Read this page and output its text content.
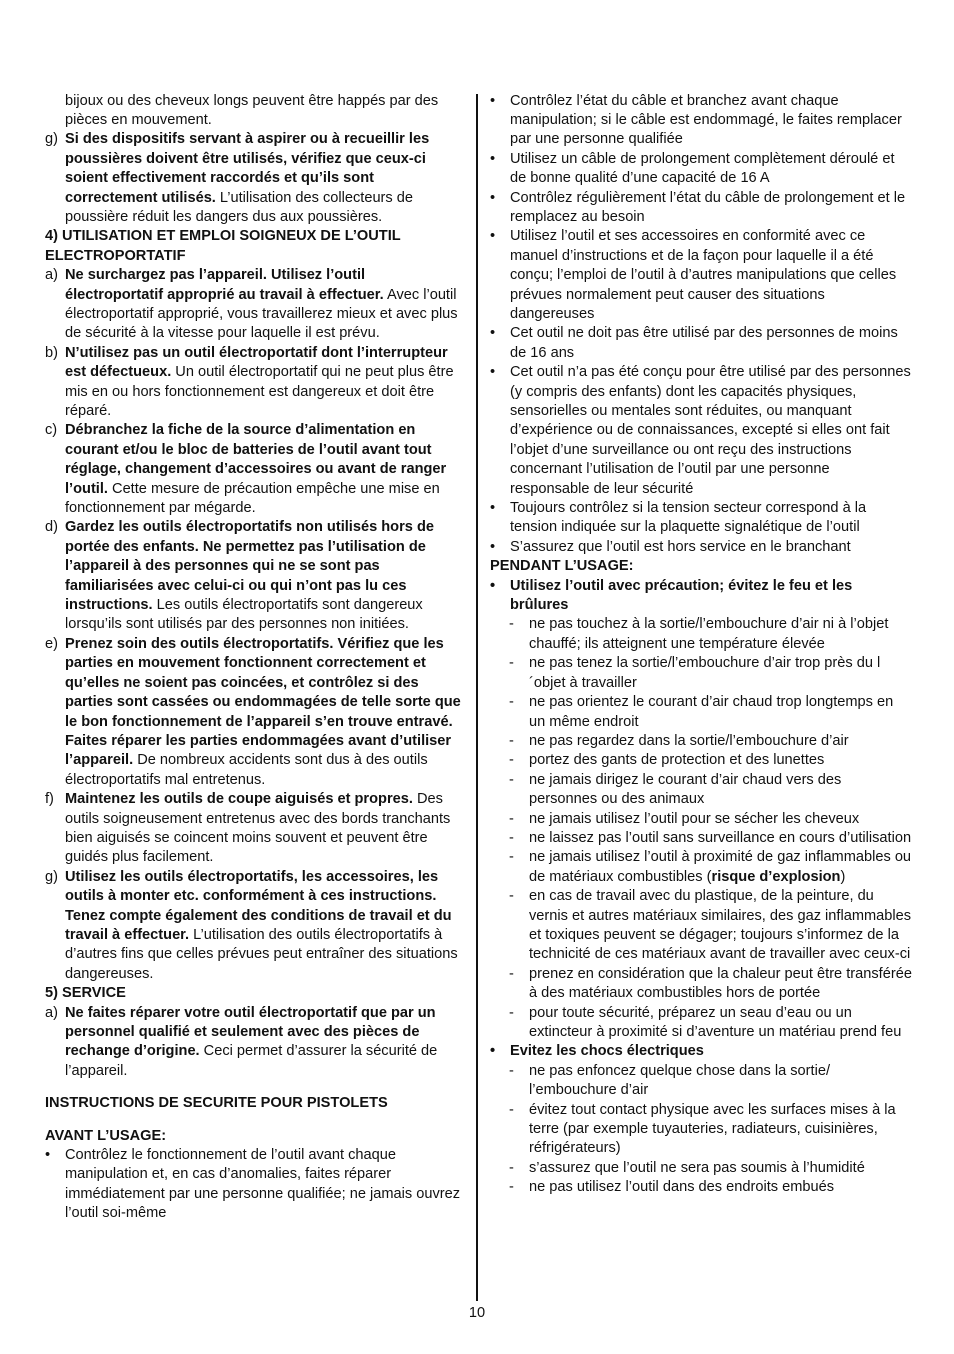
bijoux ou des cheveux longs peuvent être happés par des pièces en mouvement.
g) Si des dispositifs servant à aspirer ou à recueillir les poussières doivent être utilisés, vérifiez que ceux-ci soient effectivement raccordés et qu’ils sont correctement utilisés. L’utilisation des collecteurs de poussière réduit les dangers dus aux poussières.
4) UTILISATION ET EMPLOI SOIGNEUX DE L’OUTIL ELECTROPORTATIF
a) Ne surchargez pas l’appareil. Utilisez l’outil électroportatif approprié au travail à effectuer. Avec l’outil électroportatif approprié, vous travaillerez mieux et avec plus de sécurité à la vitesse pour laquelle il est prévu.
b) N’utilisez pas un outil électroportatif dont l’interrupteur est défectueux. Un outil électroportatif qui ne peut plus être mis en ou hors fonctionnement est dangereux et doit être réparé.
c) Débranchez la fiche de la source d’alimentation en courant et/ou le bloc de batteries de l’outil avant tout réglage, changement d’accessoires ou avant de ranger l’outil. Cette mesure de précaution empêche une mise en fonctionnement par mégarde.
d) Gardez les outils électroportatifs non utilisés hors de portée des enfants. Ne permettez pas l’utilisation de l’appareil à des personnes qui ne se sont pas familiarisées avec celui-ci ou qui n’ont pas lu ces instructions. Les outils électroportatifs sont dangereux lorsqu’ils sont utilisés par des personnes non initiées.
e) Prenez soin des outils électroportatifs. Vérifiez que les parties en mouvement fonctionnent correctement et qu’elles ne soient pas coincées, et contrôlez si des parties sont cassées ou endommagées de telle sorte que le bon fonctionnement de l’appareil s’en trouve entravé. Faites réparer les parties endommagées avant d’utiliser l’appareil. De nombreux accidents sont dus à des outils électroportatifs mal entretenus.
f) Maintenez les outils de coupe aiguisés et propres. Des outils soigneusement entretenus avec des bords tranchants bien aiguisés se coincent moins souvent et peuvent être guidés plus facilement.
g) Utilisez les outils électroportatifs, les accessoires, les outils à monter etc. conformément à ces instructions. Tenez compte également des conditions de travail et du travail à effectuer. L’utilisation des outils électroportatifs à d’autres fins que celles prévues peut entraîner des situations dangereuses.
5) SERVICE
a) Ne faites réparer votre outil électroportatif que par un personnel qualifié et seulement avec des pièces de rechange d’origine. Ceci permet d’assurer la sécurité de l’appareil.
INSTRUCTIONS DE SECURITE POUR PISTOLETS
AVANT L’USAGE:
• Contrôlez le fonctionnement de l’outil avant chaque manipulation et, en cas d’anomalies, faites réparer immédiatement par une personne qualifiée; ne jamais ouvrez l’outil soi-même
• Contrôlez l’état du câble et branchez avant chaque manipulation; si le câble est endommagé, le faites remplacer par une personne qualifiée
• Utilisez un câble de prolongement complètement déroulé et de bonne qualité d’une capacité de 16 A
• Contrôlez régulièrement l’état du câble de prolongement et le remplacez au besoin
• Utilisez l’outil et ses accessoires en conformité avec ce manuel d’instructions et de la façon pour laquelle il a été conçu; l’emploi de l’outil à d’autres manipulations que celles prévues normalement peut causer des situations dangereuses
• Cet outil ne doit pas être utilisé par des personnes de moins de 16 ans
• Cet outil n’a pas été conçu pour être utilisé par des personnes (y compris des enfants) dont les capacités physiques, sensorielles ou mentales sont réduites, ou manquant d’expérience ou de connaissances, excepté si elles ont fait l’objet d’une surveillance ou ont reçu des instructions concernant l’utilisation de l’outil par une personne responsable de leur sécurité
• Toujours contrôlez si la tension secteur correspond à la tension indiquée sur la plaquette signalétique de l’outil
• S’assurez que l’outil est hors service en le branchant
PENDANT L’USAGE:
• Utilisez l’outil avec précaution; évitez le feu et les brûlures
- ne pas touchez à la sortie/l’embouchure d’air ni à l’objet chauffé; ils atteignent une température élevée
- ne pas tenez la sortie/l’embouchure d’air trop près du l´objet à travailler
- ne pas orientez le courant d’air chaud trop longtemps en un même endroit
- ne pas regardez dans la sortie/l’embouchure d’air
- portez des gants de protection et des lunettes
- ne jamais dirigez le courant d’air chaud vers des personnes ou des animaux
- ne jamais utilisez l’outil pour se sécher les cheveux
- ne laissez pas l’outil sans surveillance en cours d’utilisation
- ne jamais utilisez l’outil à proximité de gaz inflammables ou de matériaux combustibles (risque d’explosion)
- en cas de travail avec du plastique, de la peinture, du vernis et autres matériaux similaires, des gaz inflammables et toxiques peuvent se dégager; toujours s’informez de la technicité de ces matériaux avant de travailler avec ceux-ci
- prenez en considération que la chaleur peut être transférée à des matériaux combustibles hors de portée
- pour toute sécurité, préparez un seau d’eau ou un extincteur à proximité si d’aventure un matériau prend feu
• Evitez les chocs électriques
- ne pas enfoncez quelque chose dans la sortie/ l’embouchure d’air
- évitez tout contact physique avec les surfaces mises à la terre (par exemple tuyauteries, radiateurs, cuisinières, réfrigérateurs)
- s’assurez que l’outil ne sera pas soumis à l’humidité
- ne pas utilisez l’outil dans des endroits embués
10
